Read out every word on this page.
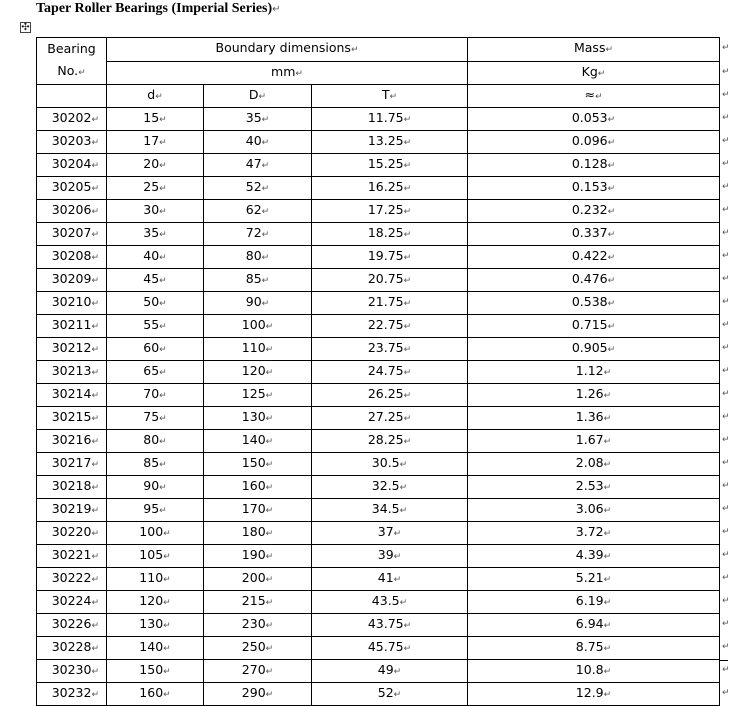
Taper Roller Bearings (Imperial Series)↵
✣
Bearing
No.↵	Boundary dimensions↵			Mass↵
	mm↵			Kg↵
	d↵	D↵	T↵	≈↵
30202↵	15↵	35↵	11.75↵	0.053↵
30203↵	17↵	40↵	13.25↵	0.096↵
30204↵	20↵	47↵	15.25↵	0.128↵
30205↵	25↵	52↵	16.25↵	0.153↵
30206↵	30↵	62↵	17.25↵	0.232↵
30207↵	35↵	72↵	18.25↵	0.337↵
30208↵	40↵	80↵	19.75↵	0.422↵
30209↵	45↵	85↵	20.75↵	0.476↵
30210↵	50↵	90↵	21.75↵	0.538↵
30211↵	55↵	100↵	22.75↵	0.715↵
30212↵	60↵	110↵	23.75↵	0.905↵
30213↵	65↵	120↵	24.75↵	1.12↵
30214↵	70↵	125↵	26.25↵	1.26↵
30215↵	75↵	130↵	27.25↵	1.36↵
30216↵	80↵	140↵	28.25↵	1.67↵
30217↵	85↵	150↵	30.5↵	2.08↵
30218↵	90↵	160↵	32.5↵	2.53↵
30219↵	95↵	170↵	34.5↵	3.06↵
30220↵	100↵	180↵	37↵	3.72↵
30221↵	105↵	190↵	39↵	4.39↵
30222↵	110↵	200↵	41↵	5.21↵
30224↵	120↵	215↵	43.5↵	6.19↵
30226↵	130↵	230↵	43.75↵	6.94↵
30228↵	140↵	250↵	45.75↵	8.75↵
30230↵	150↵	270↵	49↵	10.8↵
30232↵	160↵	290↵	52↵	12.9↵
↵
↵
↵
↵
↵
↵
↵
↵
↵
↵
↵
↵
↵
↵
↵
↵
↵
↵
↵
↵
↵
↵
↵
↵
↵
↵
↵
↵
↵
